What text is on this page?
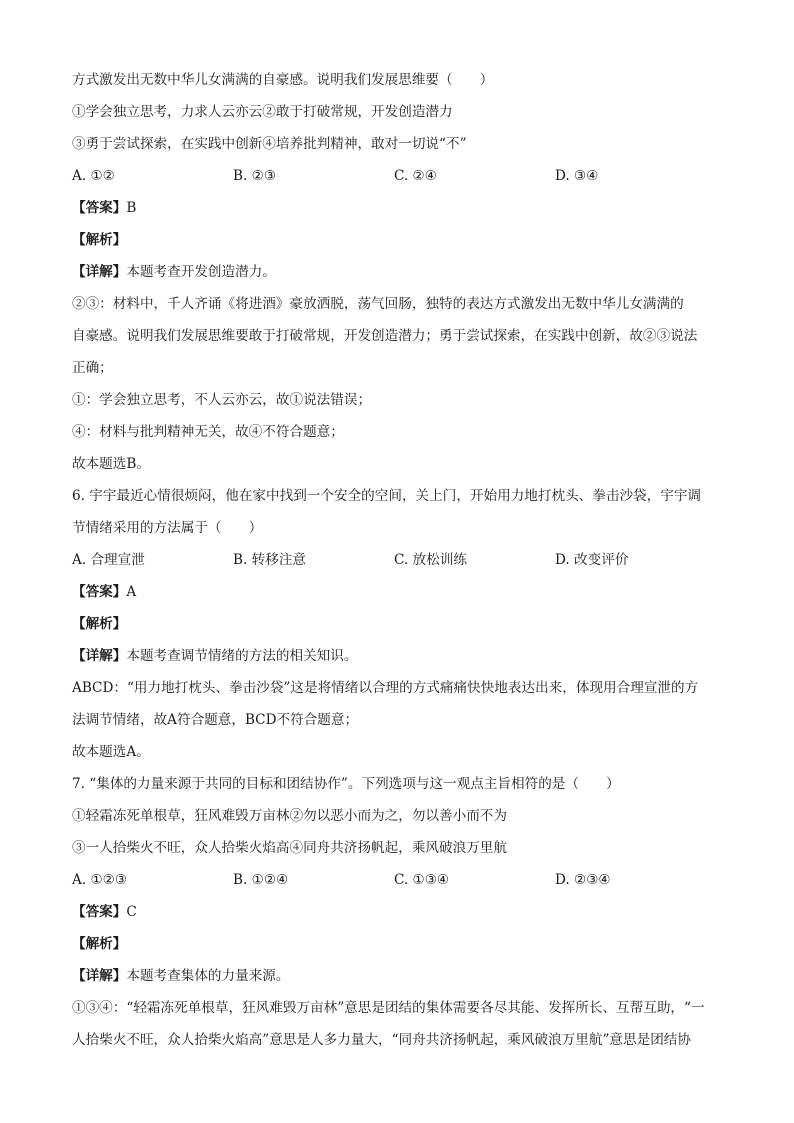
方式激发出无数中华儿女满满的自豪感。说明我们发展思维要（　　）
①学会独立思考，力求人云亦云②敢于打破常规，开发创造潜力
③勇于尝试探索，在实践中创新④培养批判精神，敢对一切说“不”
A. ①②	B. ②③	C. ②④	D. ③④
【答案】B
【解析】
【详解】本题考查开发创造潜力。
②③：材料中，千人齐诵《将进酒》豪放洒脱，荡气回肠，独特的表达方式激发出无数中华儿女满满的
自豪感。说明我们发展思维要敢于打破常规，开发创造潜力；勇于尝试探索，在实践中创新，故②③说法
正确；
①：学会独立思考，不人云亦云，故①说法错误；
④：材料与批判精神无关，故④不符合题意；
故本题选B。
6. 宇宇最近心情很烦闷，他在家中找到一个安全的空间，关上门，开始用力地打枕头、拳击沙袋，宇宇调
节情绪采用的方法属于（　　）
A. 合理宣泄	B. 转移注意	C. 放松训练	D. 改变评价
【答案】A
【解析】
【详解】本题考查调节情绪的方法的相关知识。
ABCD：“用力地打枕头、拳击沙袋”这是将情绪以合理的方式痛痛快快地表达出来，体现用合理宣泄的方
法调节情绪，故A符合题意，BCD不符合题意；
故本题选A。
7. “集体的力量来源于共同的目标和团结协作”。下列选项与这一观点主旨相符的是（　　）
①轻霜冻死单根草，狂风难毁万亩林②勿以恶小而为之，勿以善小而不为
③一人拾柴火不旺，众人拾柴火焰高④同舟共济扬帆起，乘风破浪万里航
A. ①②③	B. ①②④	C. ①③④	D. ②③④
【答案】C
【解析】
【详解】本题考查集体的力量来源。
①③④：“轻霜冻死单根草，狂风难毁万亩林”意思是团结的集体需要各尽其能、发挥所长、互帮互助，“一
人拾柴火不旺，众人拾柴火焰高”意思是人多力量大，“同舟共济扬帆起，乘风破浪万里航”意思是团结协
